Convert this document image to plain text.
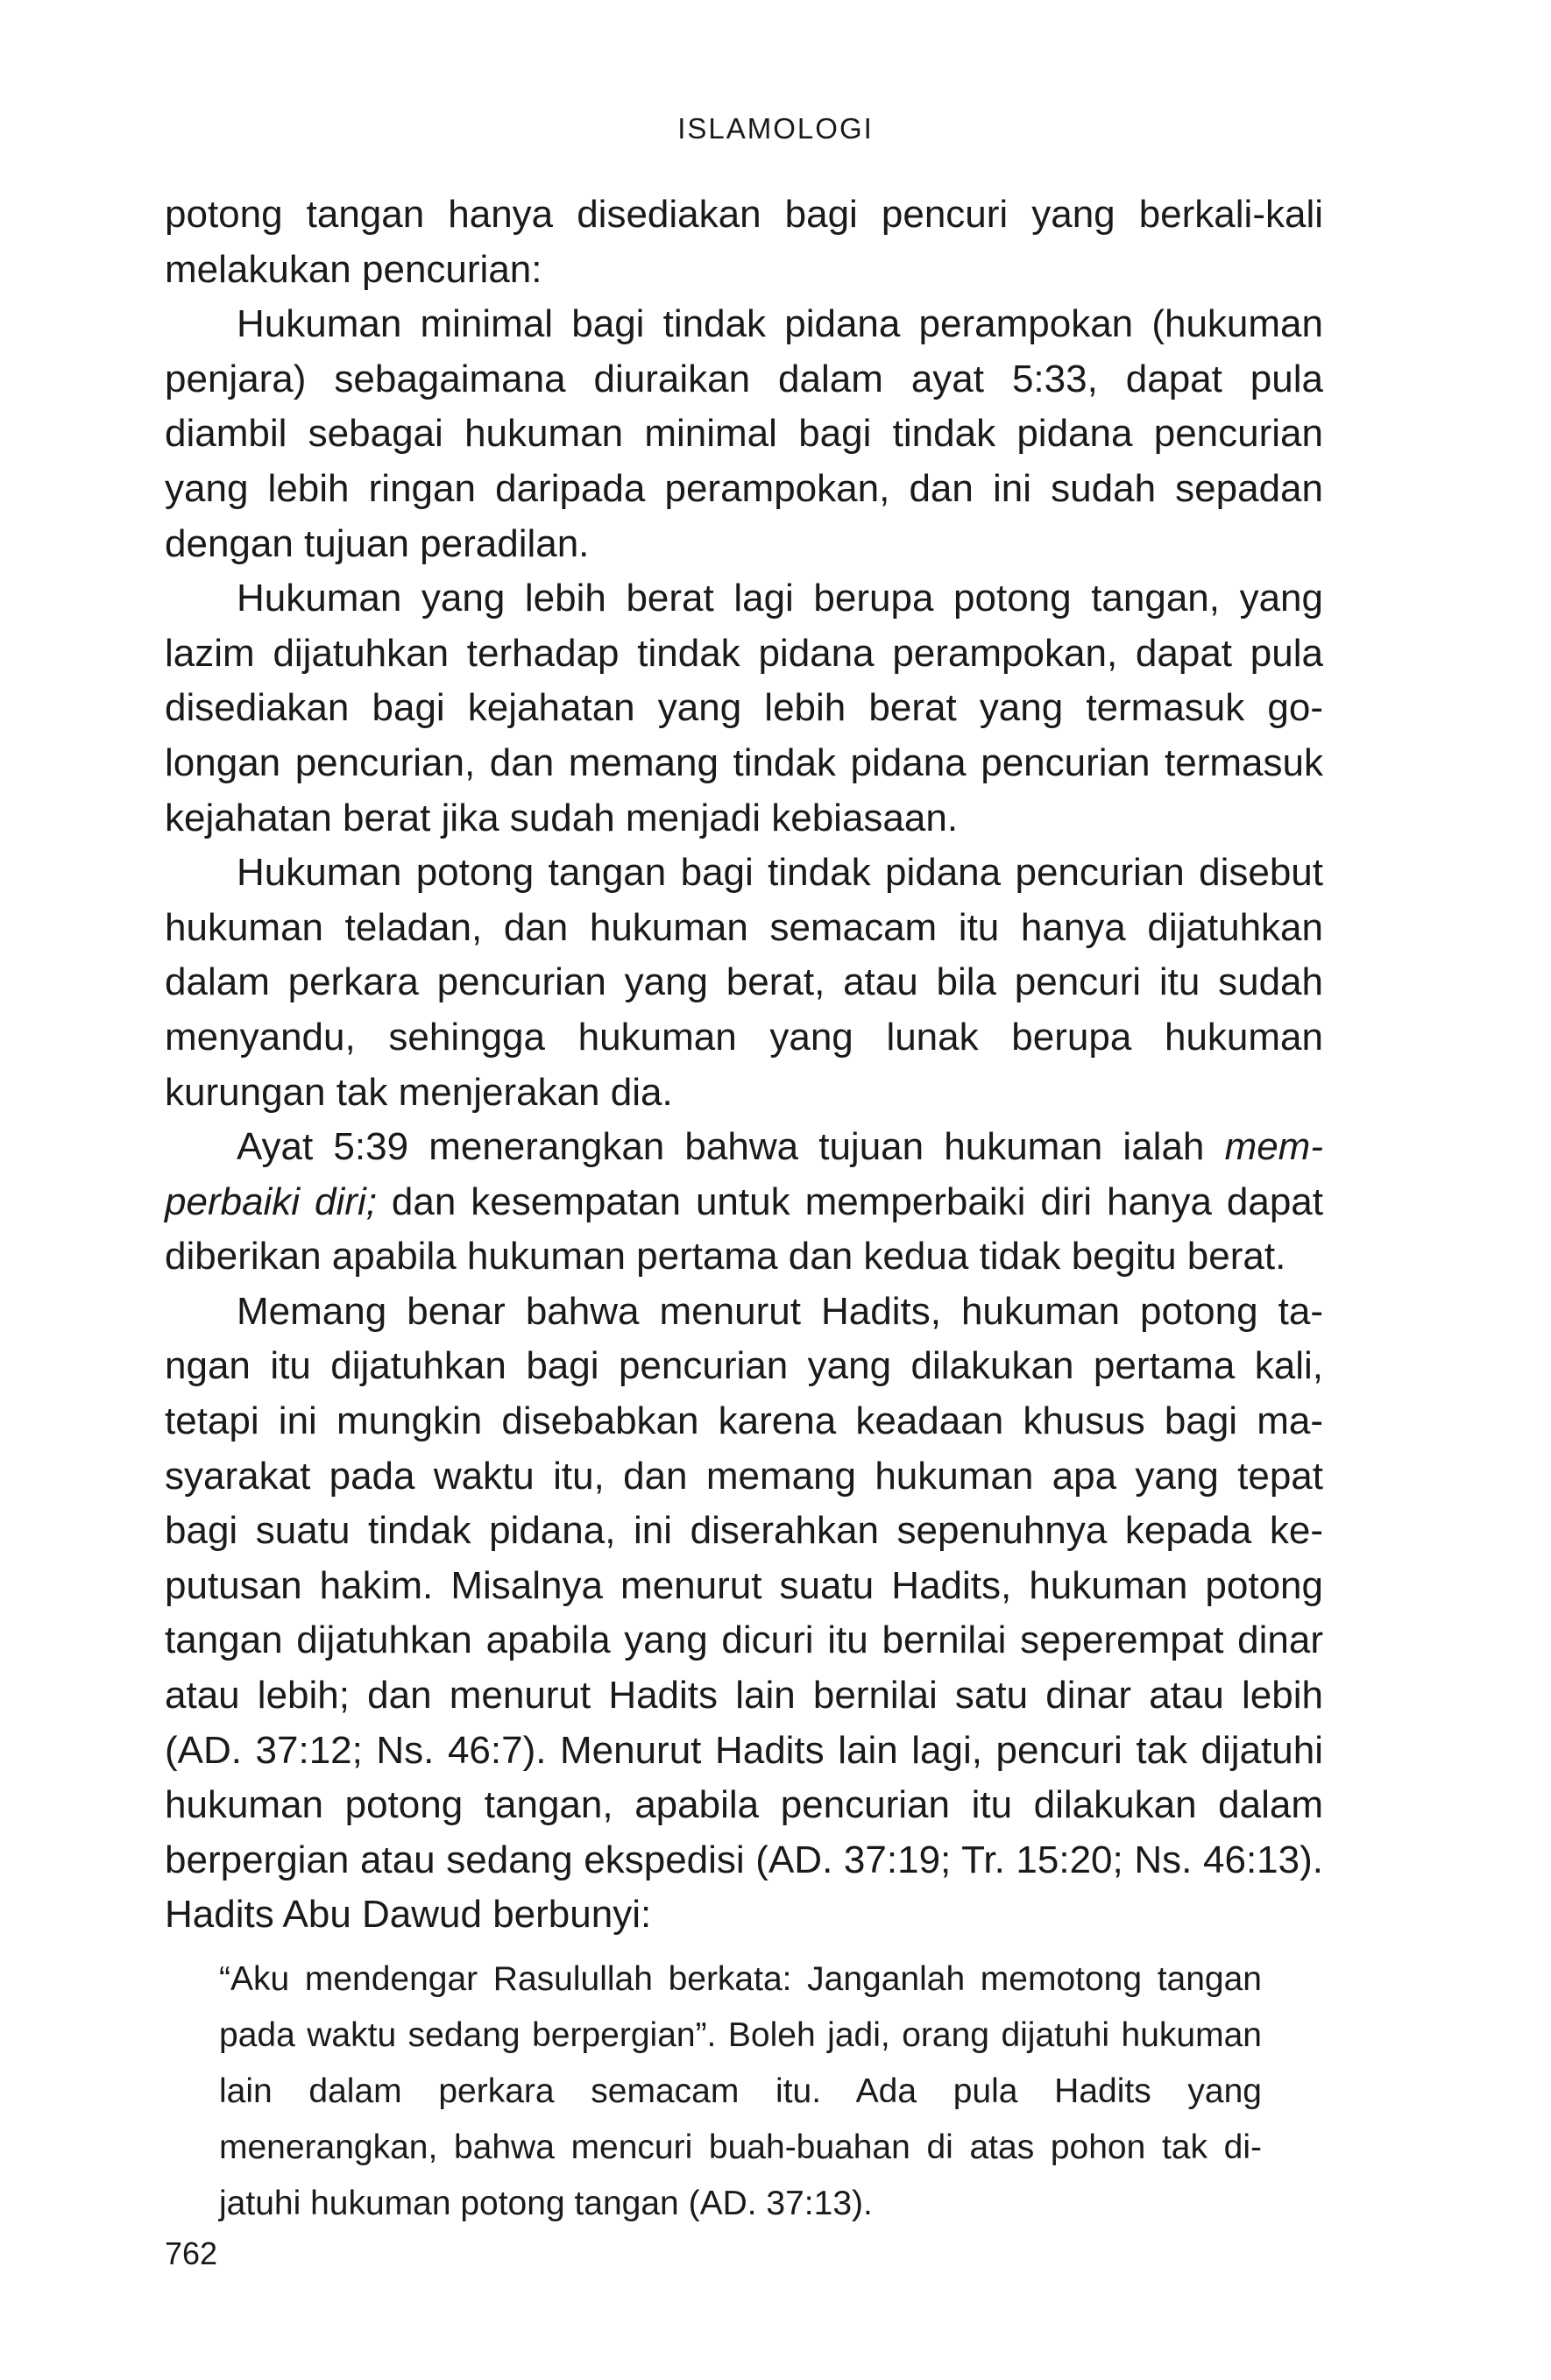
ISLAMOLOGI

potong tangan hanya disediakan bagi pencuri yang berkali-kali melakukan pencurian:

Hukuman minimal bagi tindak pidana perampokan (hukuman penjara) sebagaimana diuraikan dalam ayat 5:33, dapat pula diambil sebagai hukuman minimal bagi tindak pidana pencurian yang lebih ringan daripada perampokan, dan ini sudah sepadan dengan tujuan peradilan.

Hukuman yang lebih berat lagi berupa potong tangan, yang lazim dijatuhkan terhadap tindak pidana perampokan, dapat pula disediakan bagi kejahatan yang lebih berat yang termasuk golongan pencurian, dan memang tindak pidana pencurian termasuk kejahatan berat jika sudah menjadi kebiasaan.

Hukuman potong tangan bagi tindak pidana pencurian disebut hukuman teladan, dan hukuman semacam itu hanya dijatuhkan dalam perkara pencurian yang berat, atau bila pencuri itu sudah menyandu, sehingga hukuman yang lunak berupa hukuman kurungan tak menjerakan dia.

Ayat 5:39 menerangkan bahwa tujuan hukuman ialah memperbaiki diri; dan kesempatan untuk memperbaiki diri hanya dapat diberikan apabila hukuman pertama dan kedua tidak begitu berat.

Memang benar bahwa menurut Hadits, hukuman potong tangan itu dijatuhkan bagi pencurian yang dilakukan pertama kali, tetapi ini mungkin disebabkan karena keadaan khusus bagi masyarakat pada waktu itu, dan memang hukuman apa yang tepat bagi suatu tindak pidana, ini diserahkan sepenuhnya kepada keputusan hakim. Misalnya menurut suatu Hadits, hukuman potong tangan dijatuhkan apabila yang dicuri itu bernilai seperempat dinar atau lebih; dan menurut Hadits lain bernilai satu dinar atau lebih (AD. 37:12; Ns. 46:7). Menurut Hadits lain lagi, pencuri tak dijatuhi hukuman potong tangan, apabila pencurian itu dilakukan dalam berpergian atau sedang ekspedisi (AD. 37:19; Tr. 15:20; Ns. 46:13). Hadits Abu Dawud berbunyi:

“Aku mendengar Rasulullah berkata: Janganlah memotong tangan pada waktu sedang berpergian”. Boleh jadi, orang dijatuhi hukuman lain dalam perkara semacam itu. Ada pula Hadits yang menerangkan, bahwa mencuri buah-buahan di atas pohon tak dijatuhi hukuman potong tangan (AD. 37:13).

762
